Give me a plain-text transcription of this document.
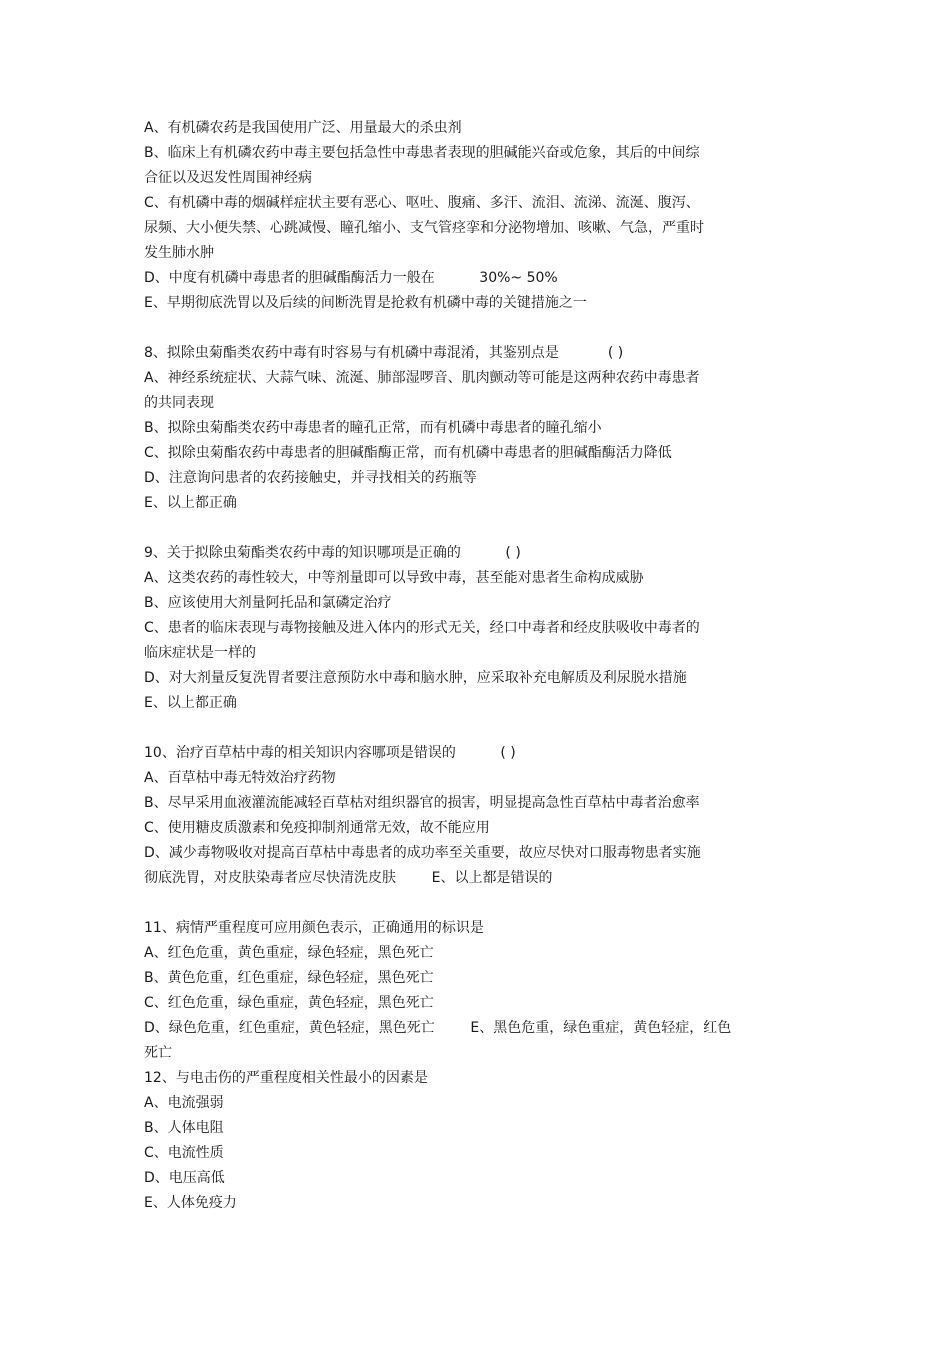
A、有机磷农药是我国使用广泛、用量最大的杀虫剂
B、临床上有机磷农药中毒主要包括急性中毒患者表现的胆碱能兴奋或危象，其后的中间综
合征以及迟发性周围神经病
C、有机磷中毒的烟碱样症状主要有恶心、呕吐、腹痛、多汗、流泪、流涕、流涎、腹泻、
尿频、大小便失禁、心跳减慢、瞳孔缩小、支气管痉挛和分泌物增加、咳嗽、气急，严重时
发生肺水肿
D、中度有机磷中毒患者的胆碱酯酶活力一般在          30%~ 50%
E、早期彻底洗胃以及后续的间断洗胃是抢救有机磷中毒的关键措施之一
8、拟除虫菊酯类农药中毒有时容易与有机磷中毒混淆，其鉴别点是           ( )
A、神经系统症状、大蒜气味、流涎、肺部湿啰音、肌肉颤动等可能是这两种农药中毒患者
的共同表现
B、拟除虫菊酯类农药中毒患者的瞳孔正常，而有机磷中毒患者的瞳孔缩小
C、拟除虫菊酯农药中毒患者的胆碱酯酶正常，而有机磷中毒患者的胆碱酯酶活力降低
D、注意询问患者的农药接触史，并寻找相关的药瓶等
E、以上都正确
9、关于拟除虫菊酯类农药中毒的知识哪项是正确的          ( )
A、这类农药的毒性较大，中等剂量即可以导致中毒，甚至能对患者生命构成威胁
B、应该使用大剂量阿托品和氯磷定治疗
C、患者的临床表现与毒物接触及进入体内的形式无关，经口中毒者和经皮肤吸收中毒者的
临床症状是一样的
D、对大剂量反复洗胃者要注意预防水中毒和脑水肿，应采取补充电解质及利尿脱水措施
E、以上都正确
10、治疗百草枯中毒的相关知识内容哪项是错误的          ( )
A、百草枯中毒无特效治疗药物
B、尽早采用血液灌流能减轻百草枯对组织器官的损害，明显提高急性百草枯中毒者治愈率
C、使用糖皮质激素和免疫抑制剂通常无效，故不能应用
D、减少毒物吸收对提高百草枯中毒患者的成功率至关重要，故应尽快对口服毒物患者实施
彻底洗胃，对皮肤染毒者应尽快清洗皮肤        E、以上都是错误的
11、病情严重程度可应用颜色表示，正确通用的标识是
A、红色危重，黄色重症，绿色轻症，黑色死亡
B、黄色危重，红色重症，绿色轻症，黑色死亡
C、红色危重，绿色重症，黄色轻症，黑色死亡
D、绿色危重，红色重症，黄色轻症，黑色死亡        E、黑色危重，绿色重症，黄色轻症，红色
死亡
12、与电击伤的严重程度相关性最小的因素是
A、电流强弱
B、人体电阻
C、电流性质
D、电压高低
E、人体免疫力
